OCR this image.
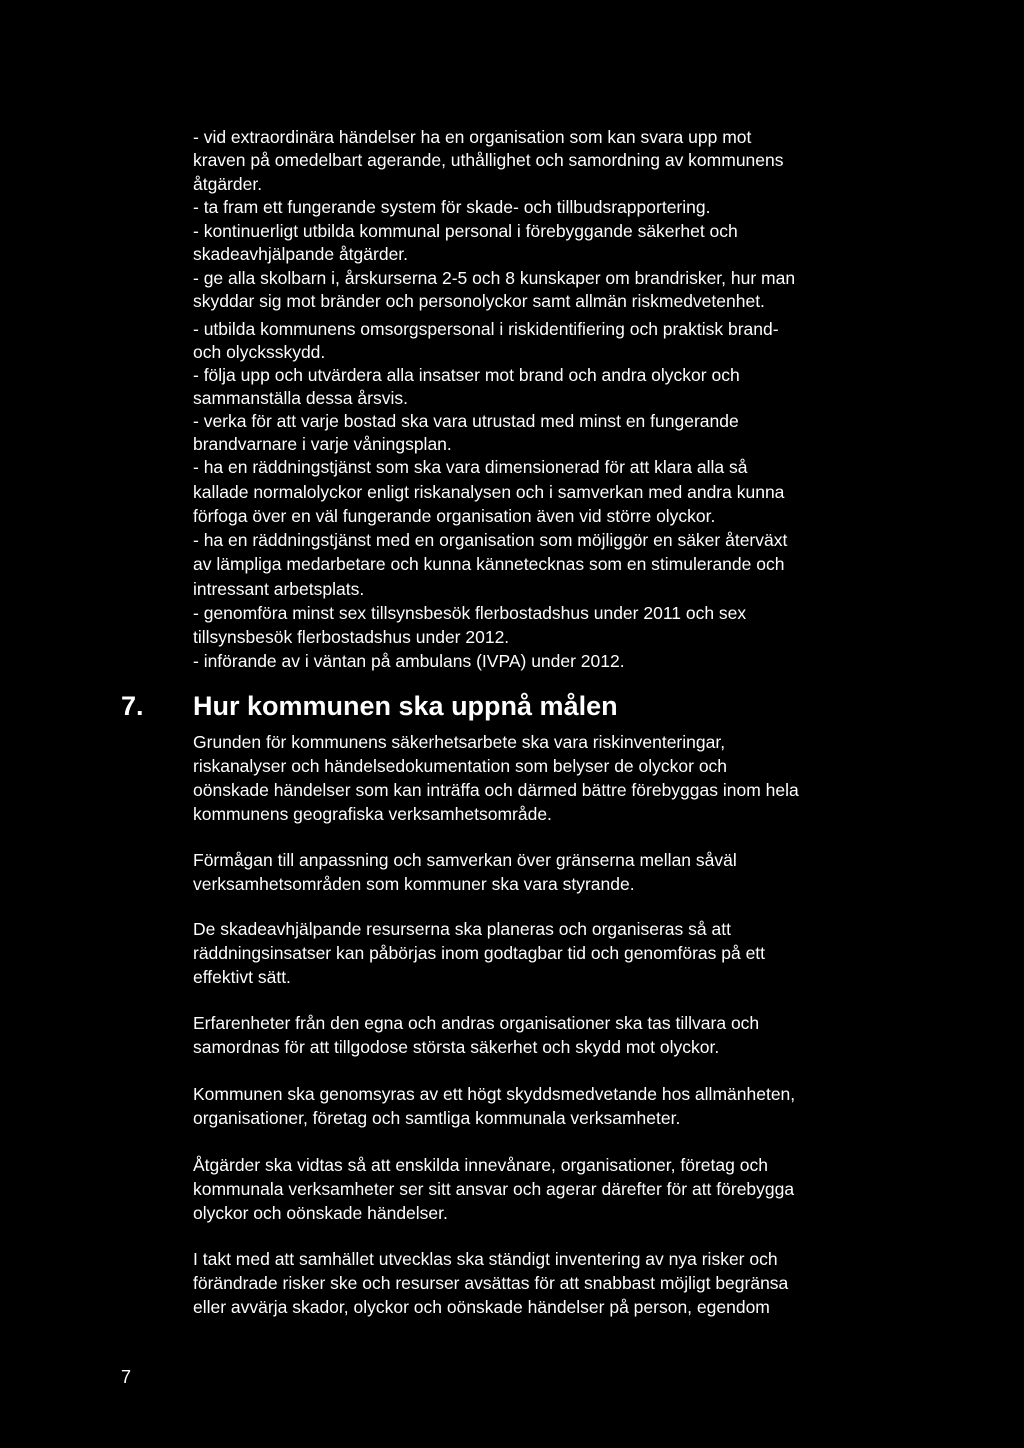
- vid extraordinära händelser ha en organisation som kan svara upp mot
kraven på omedelbart agerande, uthållighet och samordning av kommunens
åtgärder.
- ta fram ett fungerande system för skade- och tillbudsrapportering.
- kontinuerligt utbilda kommunal personal i förebyggande säkerhet och
skadeavhjälpande åtgärder.
- ge alla skolbarn i, årskurserna 2-5 och 8 kunskaper om brandrisker, hur man
skyddar sig mot bränder och personolyckor samt allmän riskmedvetenhet.
- utbilda kommunens omsorgspersonal i riskidentifiering och praktisk brand-
och olycksskydd.
- följa upp och utvärdera alla insatser mot brand och andra olyckor och
sammanställa dessa årsvis.
- verka för att varje bostad ska vara utrustad med minst en fungerande
brandvarnare i varje våningsplan.
- ha en räddningstjänst som ska vara dimensionerad för att klara alla så
kallade normalolyckor enligt riskanalysen och i samverkan med andra kunna
förfoga över en väl fungerande organisation även vid större olyckor.
- ha en räddningstjänst med en organisation som möjliggör en säker återväxt
av lämpliga medarbetare och kunna kännetecknas som en stimulerande och
intressant arbetsplats.
- genomföra minst sex tillsynsbesök flerbostadshus under 2011 och sex
tillsynsbesök flerbostadshus under 2012.
- införande av i väntan på ambulans (IVPA) under 2012.
7. Hur kommunen ska uppnå målen
Grunden för kommunens säkerhetsarbete ska vara riskinventeringar,
riskanalyser och händelsedokumentation som belyser de olyckor och
oönskade händelser som kan inträffa och därmed bättre förebyggas inom hela
kommunens geografiska verksamhetsområde.
Förmågan till anpassning och samverkan över gränserna mellan såväl
verksamhetsområden som kommuner ska vara styrande.
De skadeavhjälpande resurserna ska planeras och organiseras så att
räddningsinsatser kan påbörjas inom godtagbar tid och genomföras på ett
effektivt sätt.
Erfarenheter från den egna och andras organisationer ska tas tillvara och
samordnas för att tillgodose största säkerhet och skydd mot olyckor.
Kommunen ska genomsyras av ett högt skyddsmedvetande hos allmänheten,
organisationer, företag och samtliga kommunala verksamheter.
Åtgärder ska vidtas så att enskilda innevånare, organisationer, företag och
kommunala verksamheter ser sitt ansvar och agerar därefter för att förebygga
olyckor och oönskade händelser.
I takt med att samhället utvecklas ska ständigt inventering av nya risker och
förändrade risker ske och resurser avsättas för att snabbast möjligt begränsa
eller avvärja skador, olyckor och oönskade händelser på person, egendom
7
